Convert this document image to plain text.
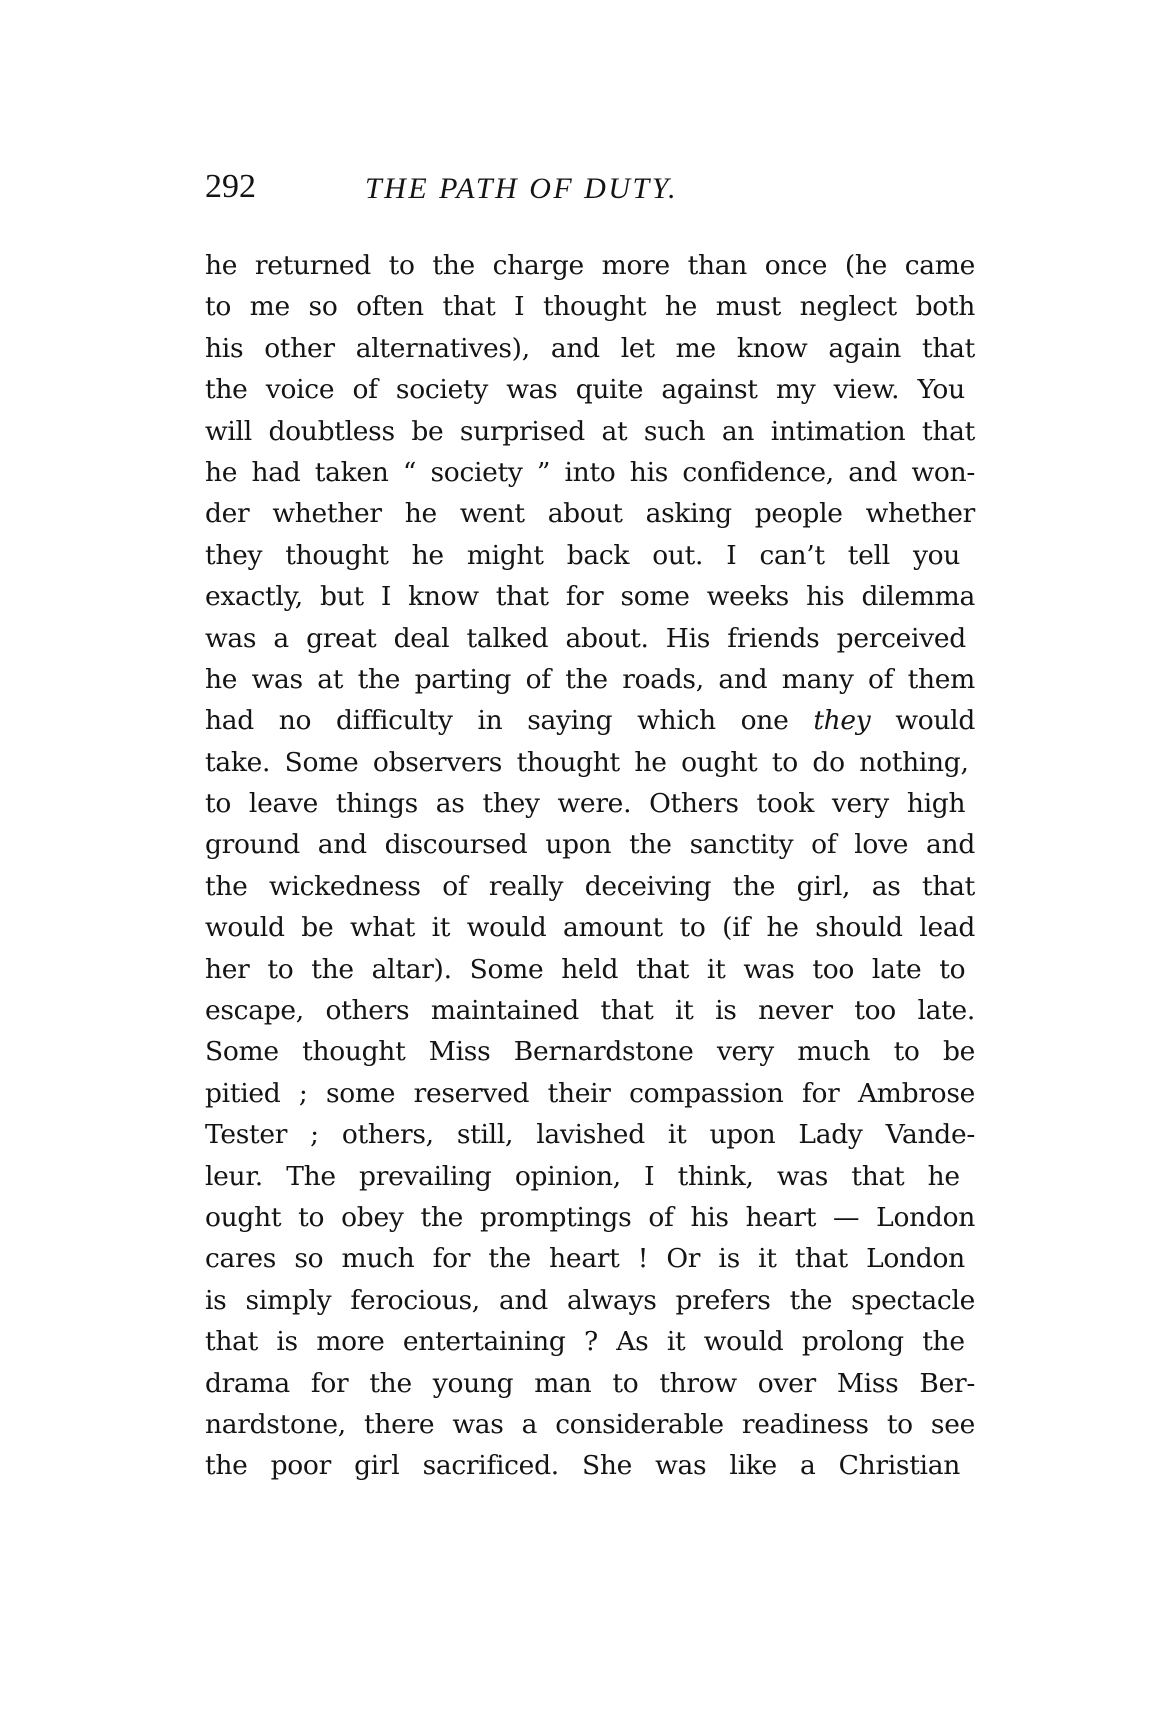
292	THE PATH OF DUTY.
he returned to the charge more than once (he came
to me so often that I thought he must neglect both
his other alternatives), and let me know again that
the voice of society was quite against my view. You
will doubtless be surprised at such an intimation that
he had taken “ society ” into his confidence, and won-
der whether he went about asking people whether
they thought he might back out. I can’t tell you
exactly, but I know that for some weeks his dilemma
was a great deal talked about. His friends perceived
he was at the parting of the roads, and many of them
had no difficulty in saying which one they would
take. Some observers thought he ought to do nothing,
to leave things as they were. Others took very high
ground and discoursed upon the sanctity of love and
the wickedness of really deceiving the girl, as that
would be what it would amount to (if he should lead
her to the altar). Some held that it was too late to
escape, others maintained that it is never too late.
Some thought Miss Bernardstone very much to be
pitied ; some reserved their compassion for Ambrose
Tester ; others, still, lavished it upon Lady Vande-
leur. The prevailing opinion, I think, was that he
ought to obey the promptings of his heart — London
cares so much for the heart ! Or is it that London
is simply ferocious, and always prefers the spectacle
that is more entertaining ? As it would prolong the
drama for the young man to throw over Miss Ber-
nardstone, there was a considerable readiness to see
the poor girl sacrificed. She was like a Christian
